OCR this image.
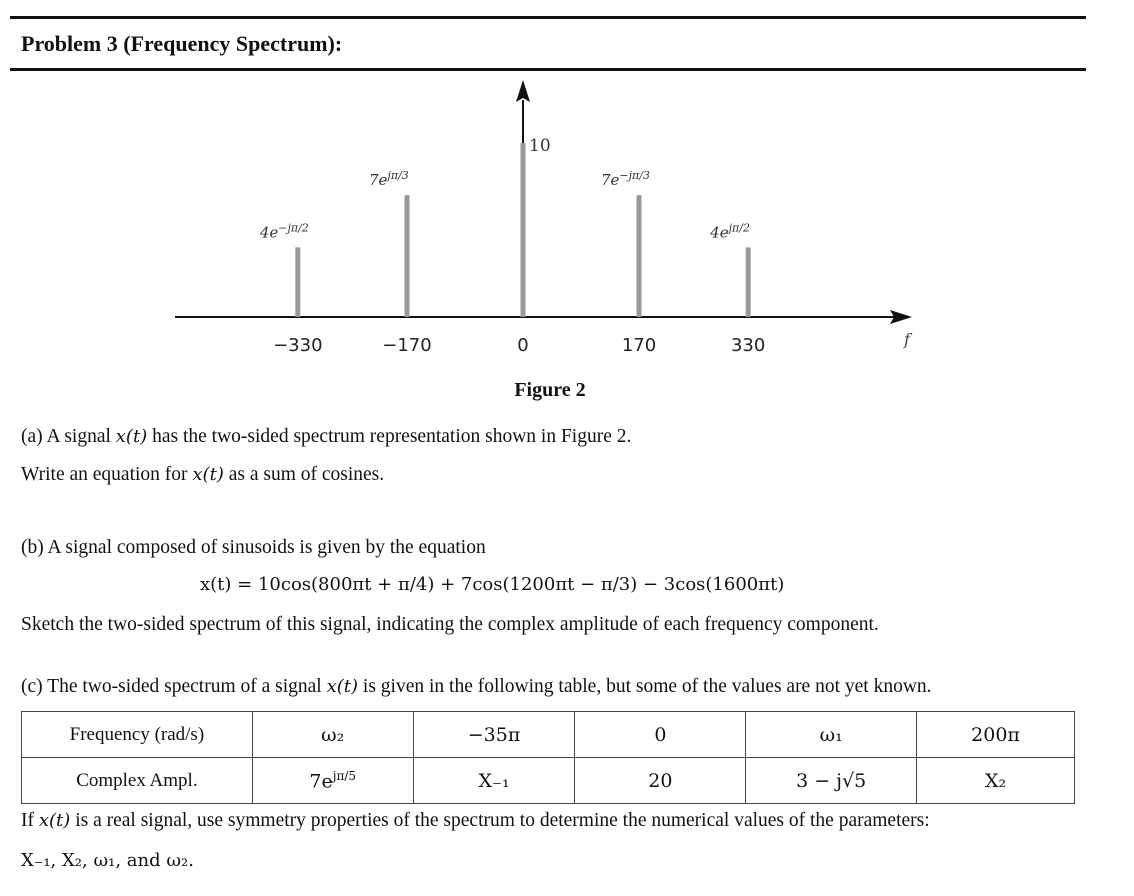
Problem 3 (Frequency Spectrum):
f
$4e^{-j\pi/2}$
−330
$7e^{j\pi/3}$
−170
10
0
$7e^{-j\pi/3}$
170
$4e^{j\pi/2}$
330
Figure 2
(a) A signal x(t) has the two-sided spectrum representation shown in Figure 2.
Write an equation for x(t) as a sum of cosines.
(b) A signal composed of sinusoids is given by the equation
x(t) = 10cos(800πt + π/4) + 7cos(1200πt − π/3) − 3cos(1600πt)
Sketch the two-sided spectrum of this signal, indicating the complex amplitude of each frequency component.
(c) The two-sided spectrum of a signal x(t) is given in the following table, but some of the values are not yet known.
Frequency (rad/s)	ω₂	−35π	0	ω₁	200π
Complex Ampl.	$7e^{j\pi/5}$	X₋₁	20	3 − j√5	X₂
If x(t) is a real signal, use symmetry properties of the spectrum to determine the numerical values of the parameters:
X₋₁, X₂, ω₁, and ω₂.
